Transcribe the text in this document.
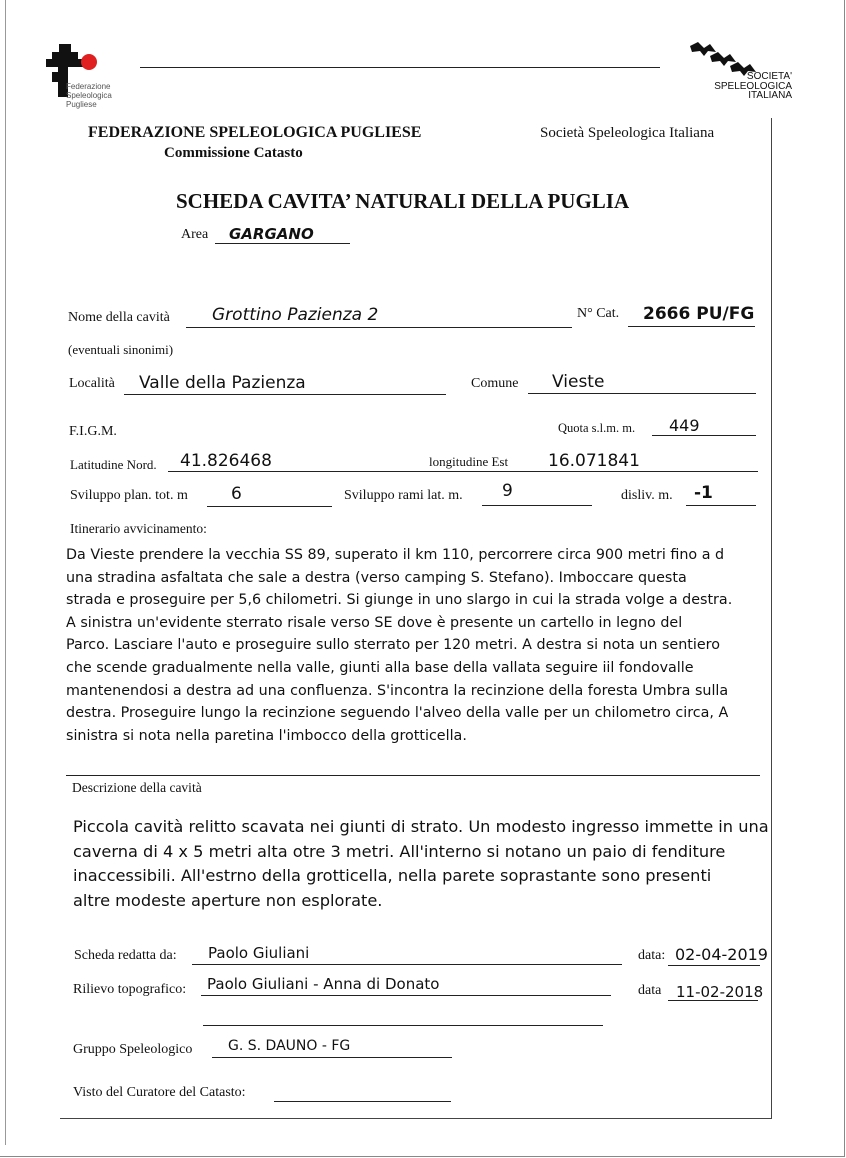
Federazione
Speleologica
Pugliese
SOCIETA'
SPELEOLOGICA
ITALIANA
FEDERAZIONE SPELEOLOGICA PUGLIESE
Commissione Catasto
Società Speleologica Italiana
SCHEDA CAVITA’ NATURALI DELLA PUGLIA
Area GARGANO
Nome della cavità Grottino Pazienza 2	N° Cat. 2666 PU/FG
(eventuali sinonimi)
Località Valle della Pazienza	Comune Vieste
F.I.G.M.	Quota s.l.m. m. 449
Latitudine Nord. 41.826468	longitudine Est 16.071841
Sviluppo plan. tot. m	6	Sviluppo rami lat. m. 9	disliv. m. -1
Itinerario avvicinamento:
Da Vieste prendere la vecchia SS 89, superato il km 110, percorrere circa 900 metri fino a d
una stradina asfaltata che sale a destra (verso camping S. Stefano). Imboccare questa
strada e proseguire per 5,6 chilometri. Si giunge in uno slargo in cui la strada volge a destra.
A sinistra un'evidente sterrato risale verso SE dove è presente un cartello in legno del
Parco. Lasciare l'auto e proseguire sullo sterrato per 120 metri. A destra si nota un sentiero
che scende gradualmente nella valle, giunti alla base della vallata seguire iil fondovalle
mantenendosi a destra ad una confluenza. S'incontra la recinzione della foresta Umbra sulla
destra. Proseguire lungo la recinzione seguendo l'alveo della valle per un chilometro circa, A
sinistra si nota nella paretina l'imbocco della grotticella.
Descrizione della cavità
Piccola cavità relitto scavata nei giunti di strato. Un modesto ingresso immette in una
caverna di 4 x 5 metri alta otre 3 metri. All'interno si notano un paio di fenditure
inaccessibili. All'estrno della grotticella, nella parete soprastante sono presenti
altre modeste aperture non esplorate.
Scheda redatta da: Paolo Giuliani	data: 02-04-2019
Rilievo topografico: Paolo Giuliani - Anna di Donato	data 11-02-2018
Gruppo Speleologico	G. S. DAUNO - FG
Visto del Curatore del Catasto:
